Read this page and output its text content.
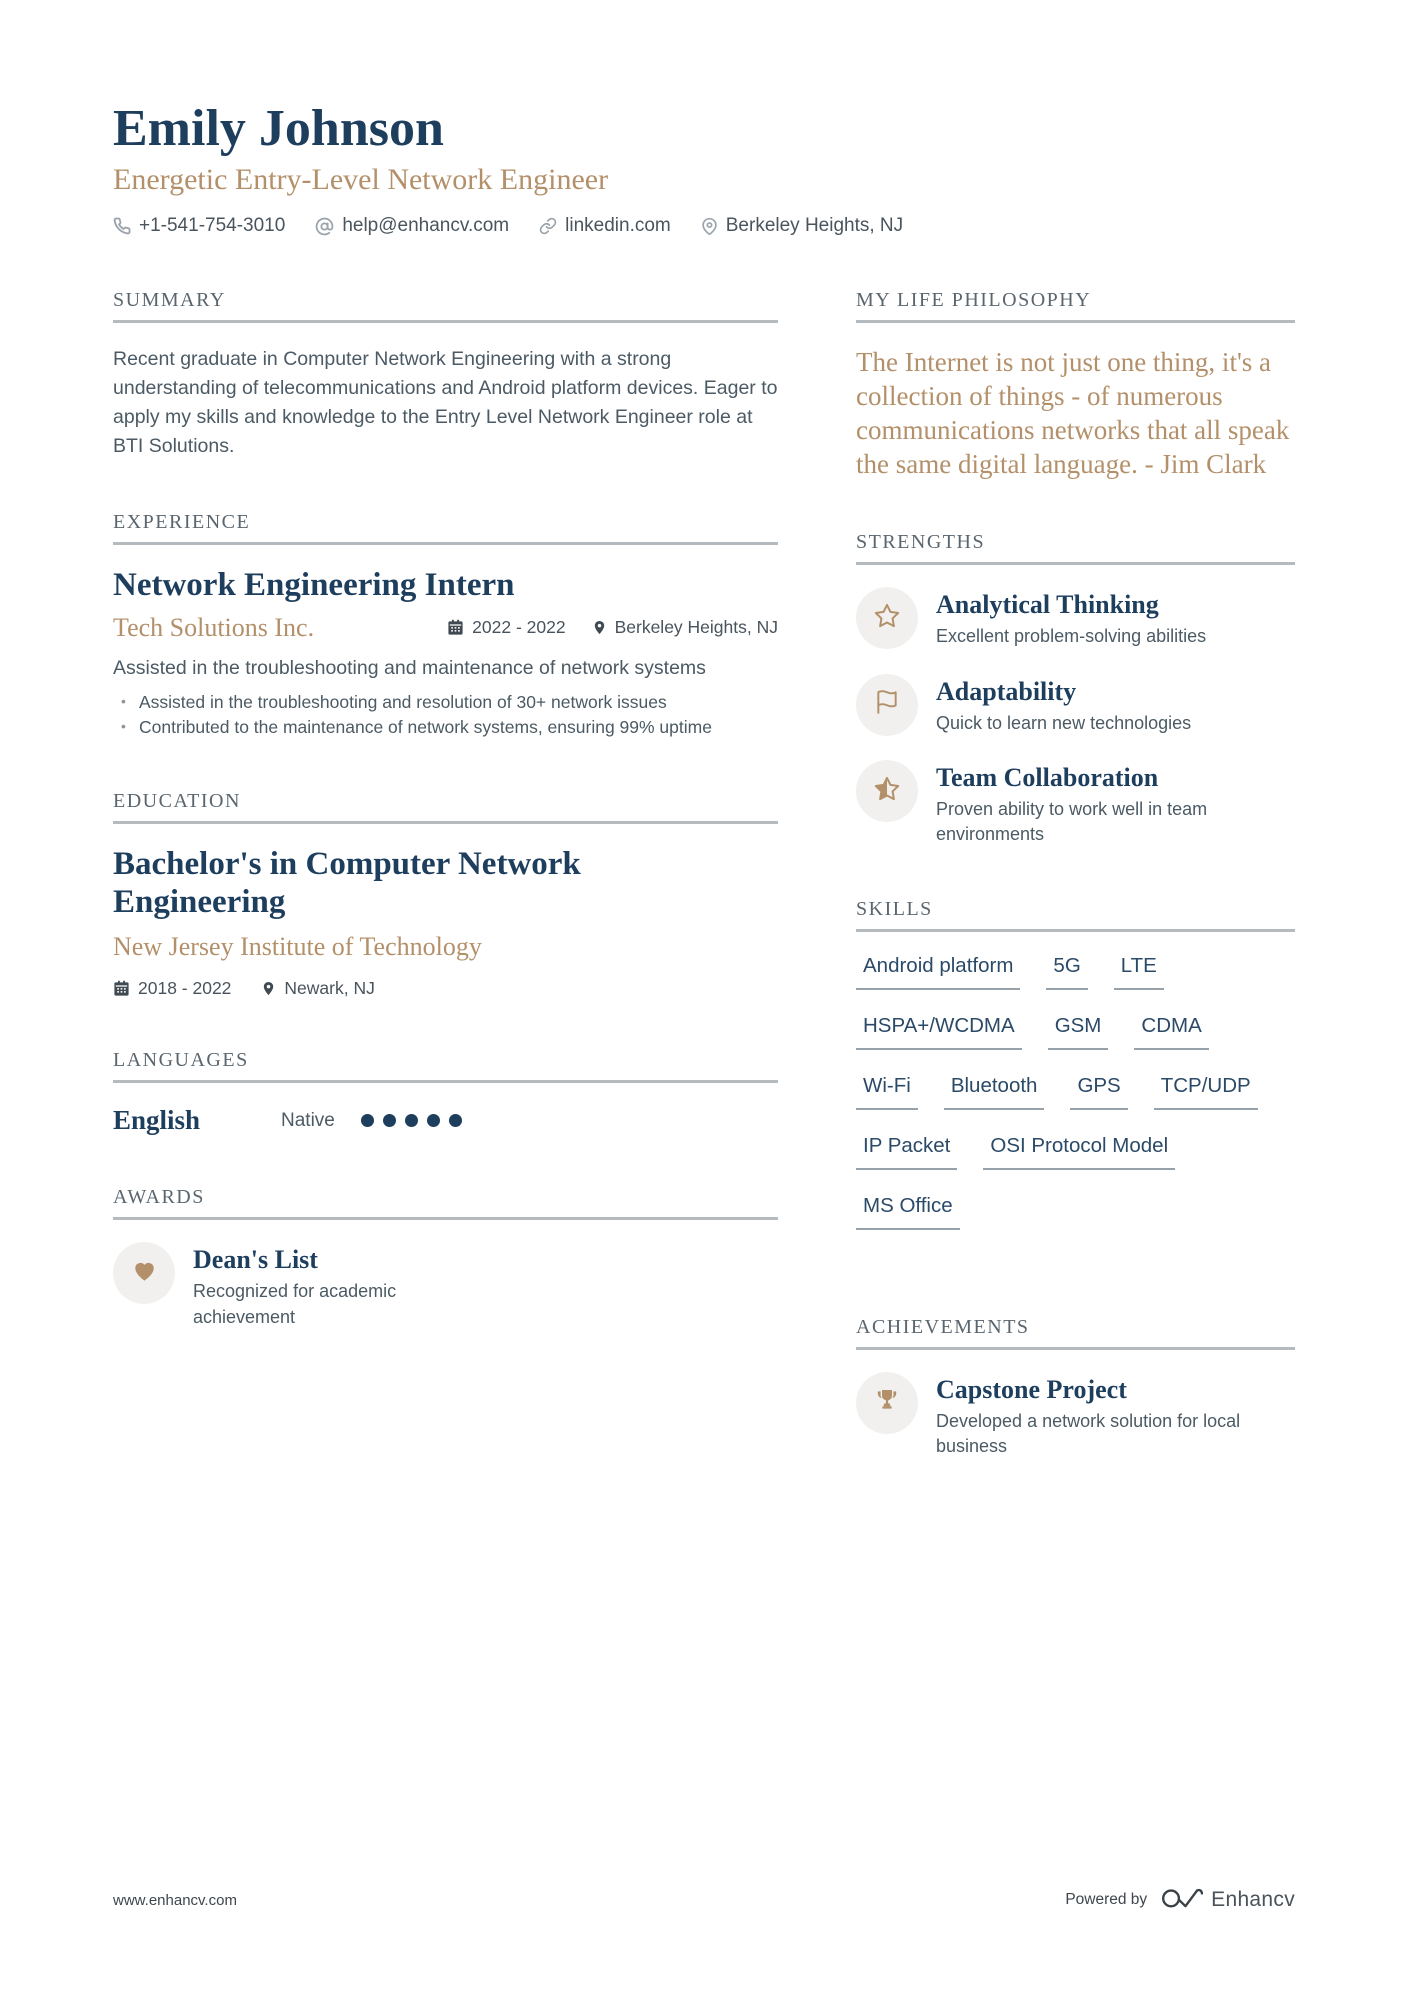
Emily Johnson
Energetic Entry-Level Network Engineer
+1-541-754-3010	help@enhancv.com	linkedin.com	Berkeley Heights, NJ
SUMMARY
Recent graduate in Computer Network Engineering with a strong understanding of telecommunications and Android platform devices. Eager to apply my skills and knowledge to the Entry Level Network Engineer role at BTI Solutions.
EXPERIENCE
Network Engineering Intern
Tech Solutions Inc.	2022 - 2022	Berkeley Heights, NJ
Assisted in the troubleshooting and maintenance of network systems
• Assisted in the troubleshooting and resolution of 30+ network issues
• Contributed to the maintenance of network systems, ensuring 99% uptime
EDUCATION
Bachelor's in Computer Network Engineering
New Jersey Institute of Technology
2018 - 2022	Newark, NJ
LANGUAGES
English	Native
AWARDS
Dean's List
Recognized for academic achievement
MY LIFE PHILOSOPHY
The Internet is not just one thing, it's a collection of things - of numerous communications networks that all speak the same digital language. - Jim Clark
STRENGTHS
Analytical Thinking
Excellent problem-solving abilities
Adaptability
Quick to learn new technologies
Team Collaboration
Proven ability to work well in team environments
SKILLS
Android platform	5G	LTE
HSPA+/WCDMA	GSM	CDMA
Wi-Fi	Bluetooth	GPS	TCP/UDP
IP Packet	OSI Protocol Model
MS Office
ACHIEVEMENTS
Capstone Project
Developed a network solution for local business
www.enhancv.com	Powered by	Enhancv
